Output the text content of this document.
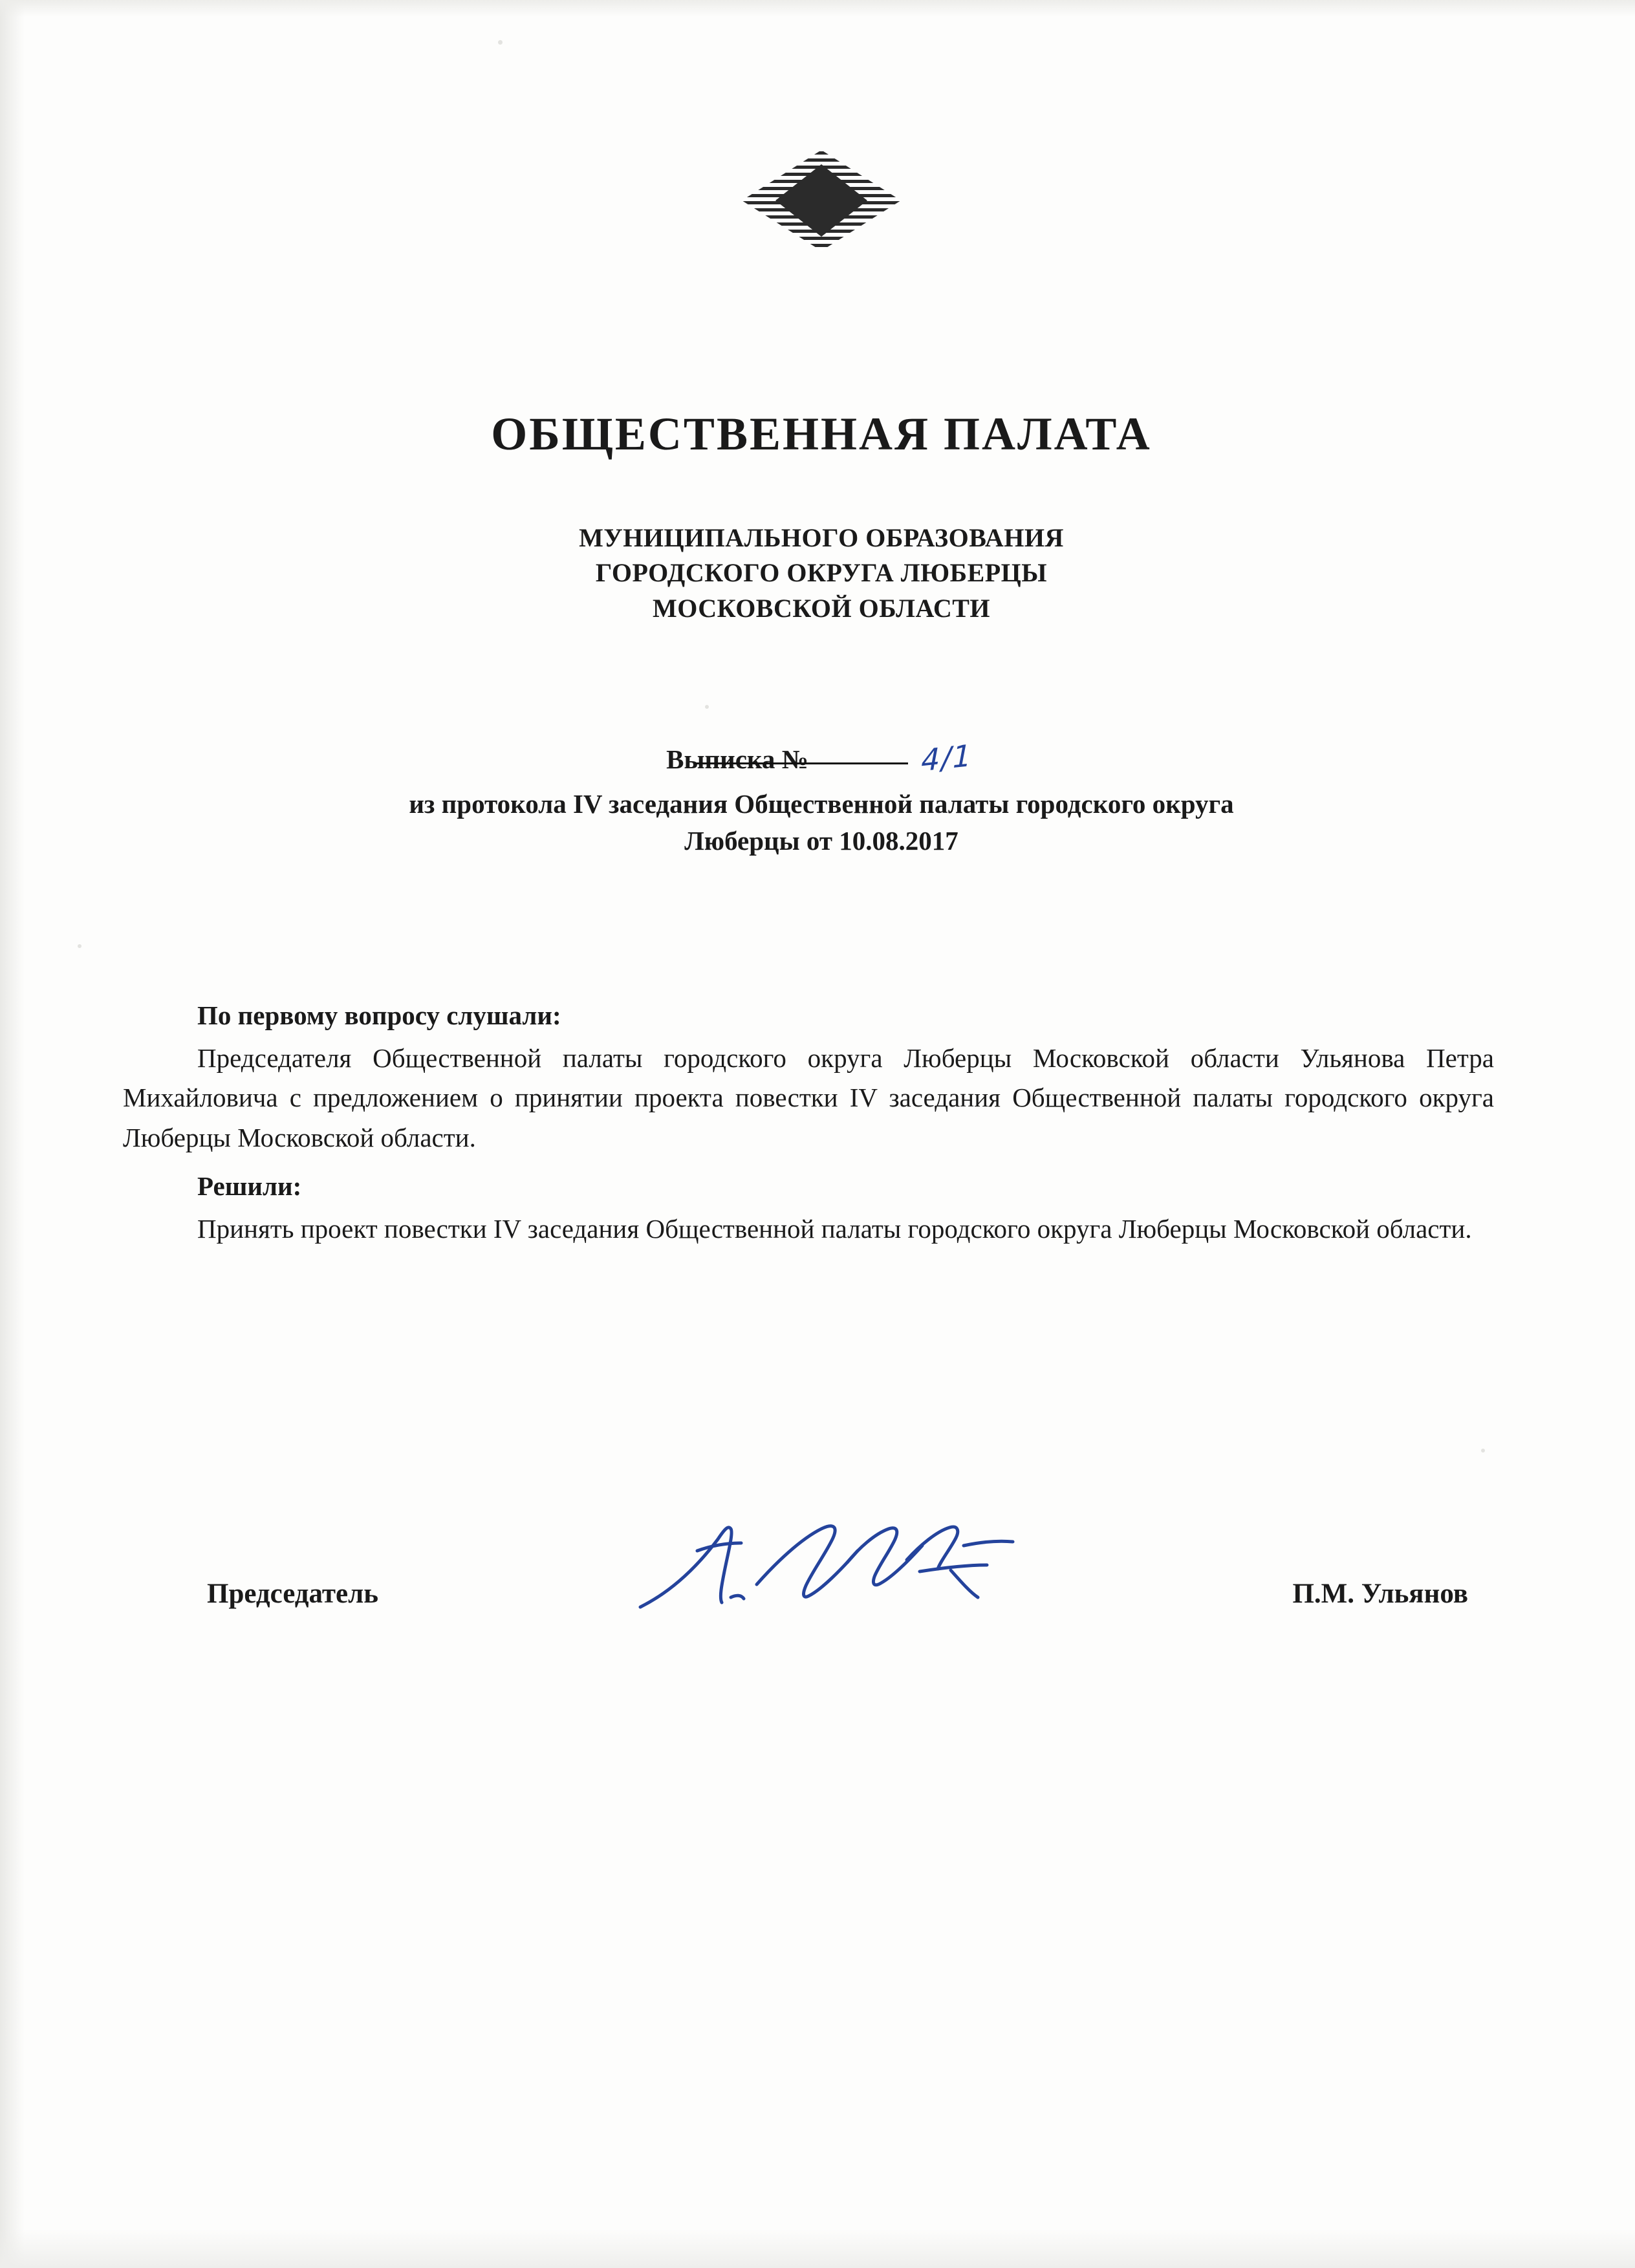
ОБЩЕСТВЕННАЯ ПАЛАТА
МУНИЦИПАЛЬНОГО ОБРАЗОВАНИЯ
ГОРОДСКОГО ОКРУГА ЛЮБЕРЦЫ
МОСКОВСКОЙ ОБЛАСТИ
Выписка №	4/1
из протокола IV заседания Общественной палаты городского округа
Люберцы от 10.08.2017

По первому вопросу слушали:

Председателя Общественной палаты городского округа Люберцы Московской области Ульянова Петра Михайловича с предложением о принятии проекта повестки IV заседания Общественной палаты городского округа Люберцы Московской области.

Решили:

Принять проект повестки IV заседания Общественной палаты городского округа Люберцы Московской области.

Председатель	П.М. Ульянов
